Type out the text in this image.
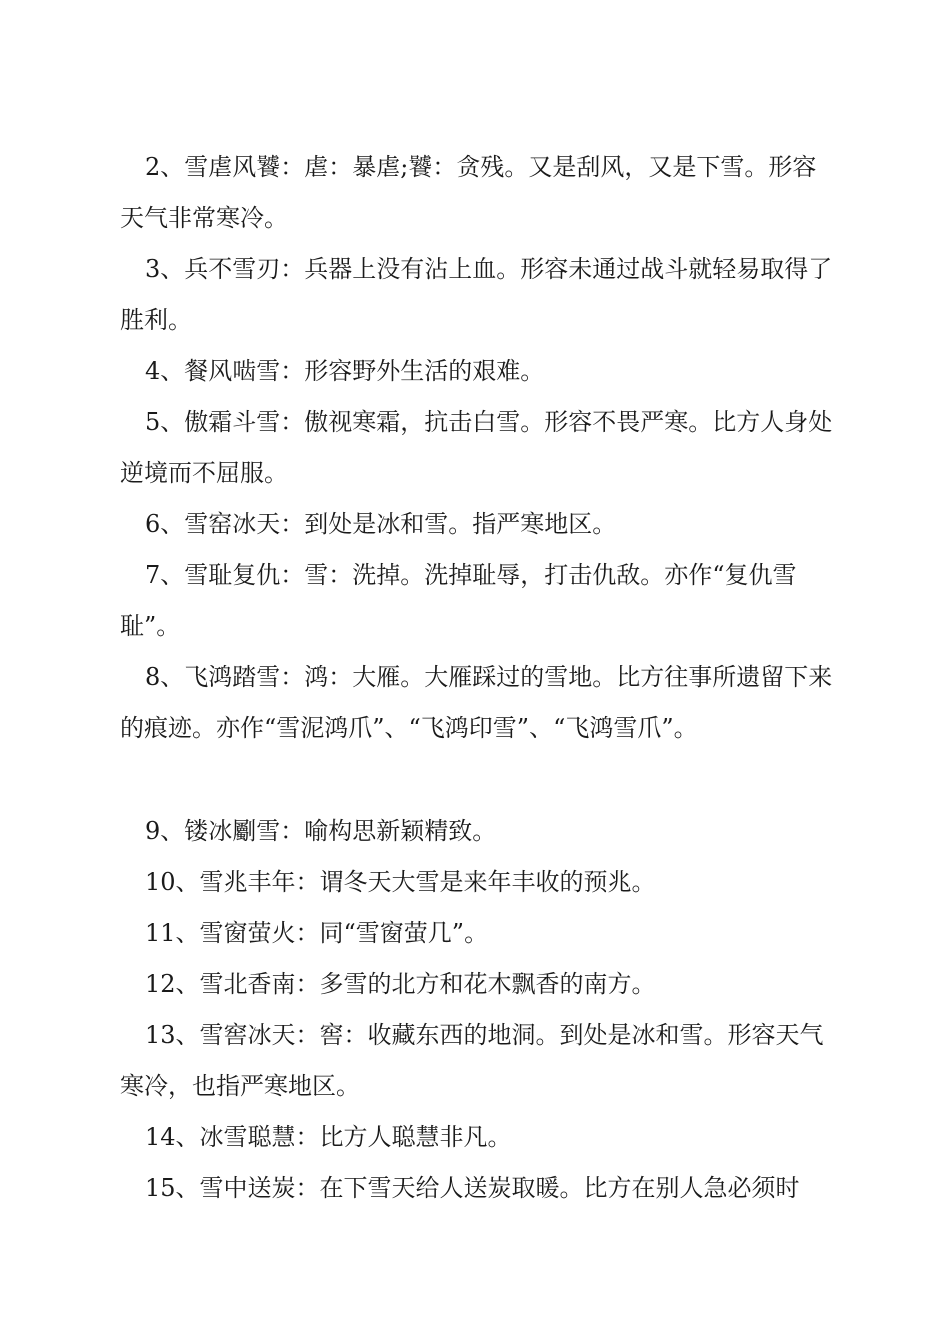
2、雪虐风饕：虐：暴虐;饕：贪残。又是刮风，又是下雪。形容天气非常寒冷。

3、兵不雪刃：兵器上没有沾上血。形容未通过战斗就轻易取得了胜利。

4、餐风啮雪：形容野外生活的艰难。

5、傲霜斗雪：傲视寒霜，抗击白雪。形容不畏严寒。比方人身处逆境而不屈服。

6、雪窑冰天：到处是冰和雪。指严寒地区。

7、雪耻复仇：雪：洗掉。洗掉耻辱，打击仇敌。亦作“复仇雪耻”。

8、飞鸿踏雪：鸿：大雁。大雁踩过的雪地。比方往事所遗留下来的痕迹。亦作“雪泥鸿爪”、“飞鸿印雪”、“飞鸿雪爪”。

9、镂冰劚雪：喻构思新颖精致。

10、雪兆丰年：谓冬天大雪是来年丰收的预兆。

11、雪窗萤火：同“雪窗萤几”。

12、雪北香南：多雪的北方和花木飘香的南方。

13、雪窖冰天：窖：收藏东西的地洞。到处是冰和雪。形容天气寒冷，也指严寒地区。

14、冰雪聪慧：比方人聪慧非凡。

15、雪中送炭：在下雪天给人送炭取暖。比方在别人急必须时
